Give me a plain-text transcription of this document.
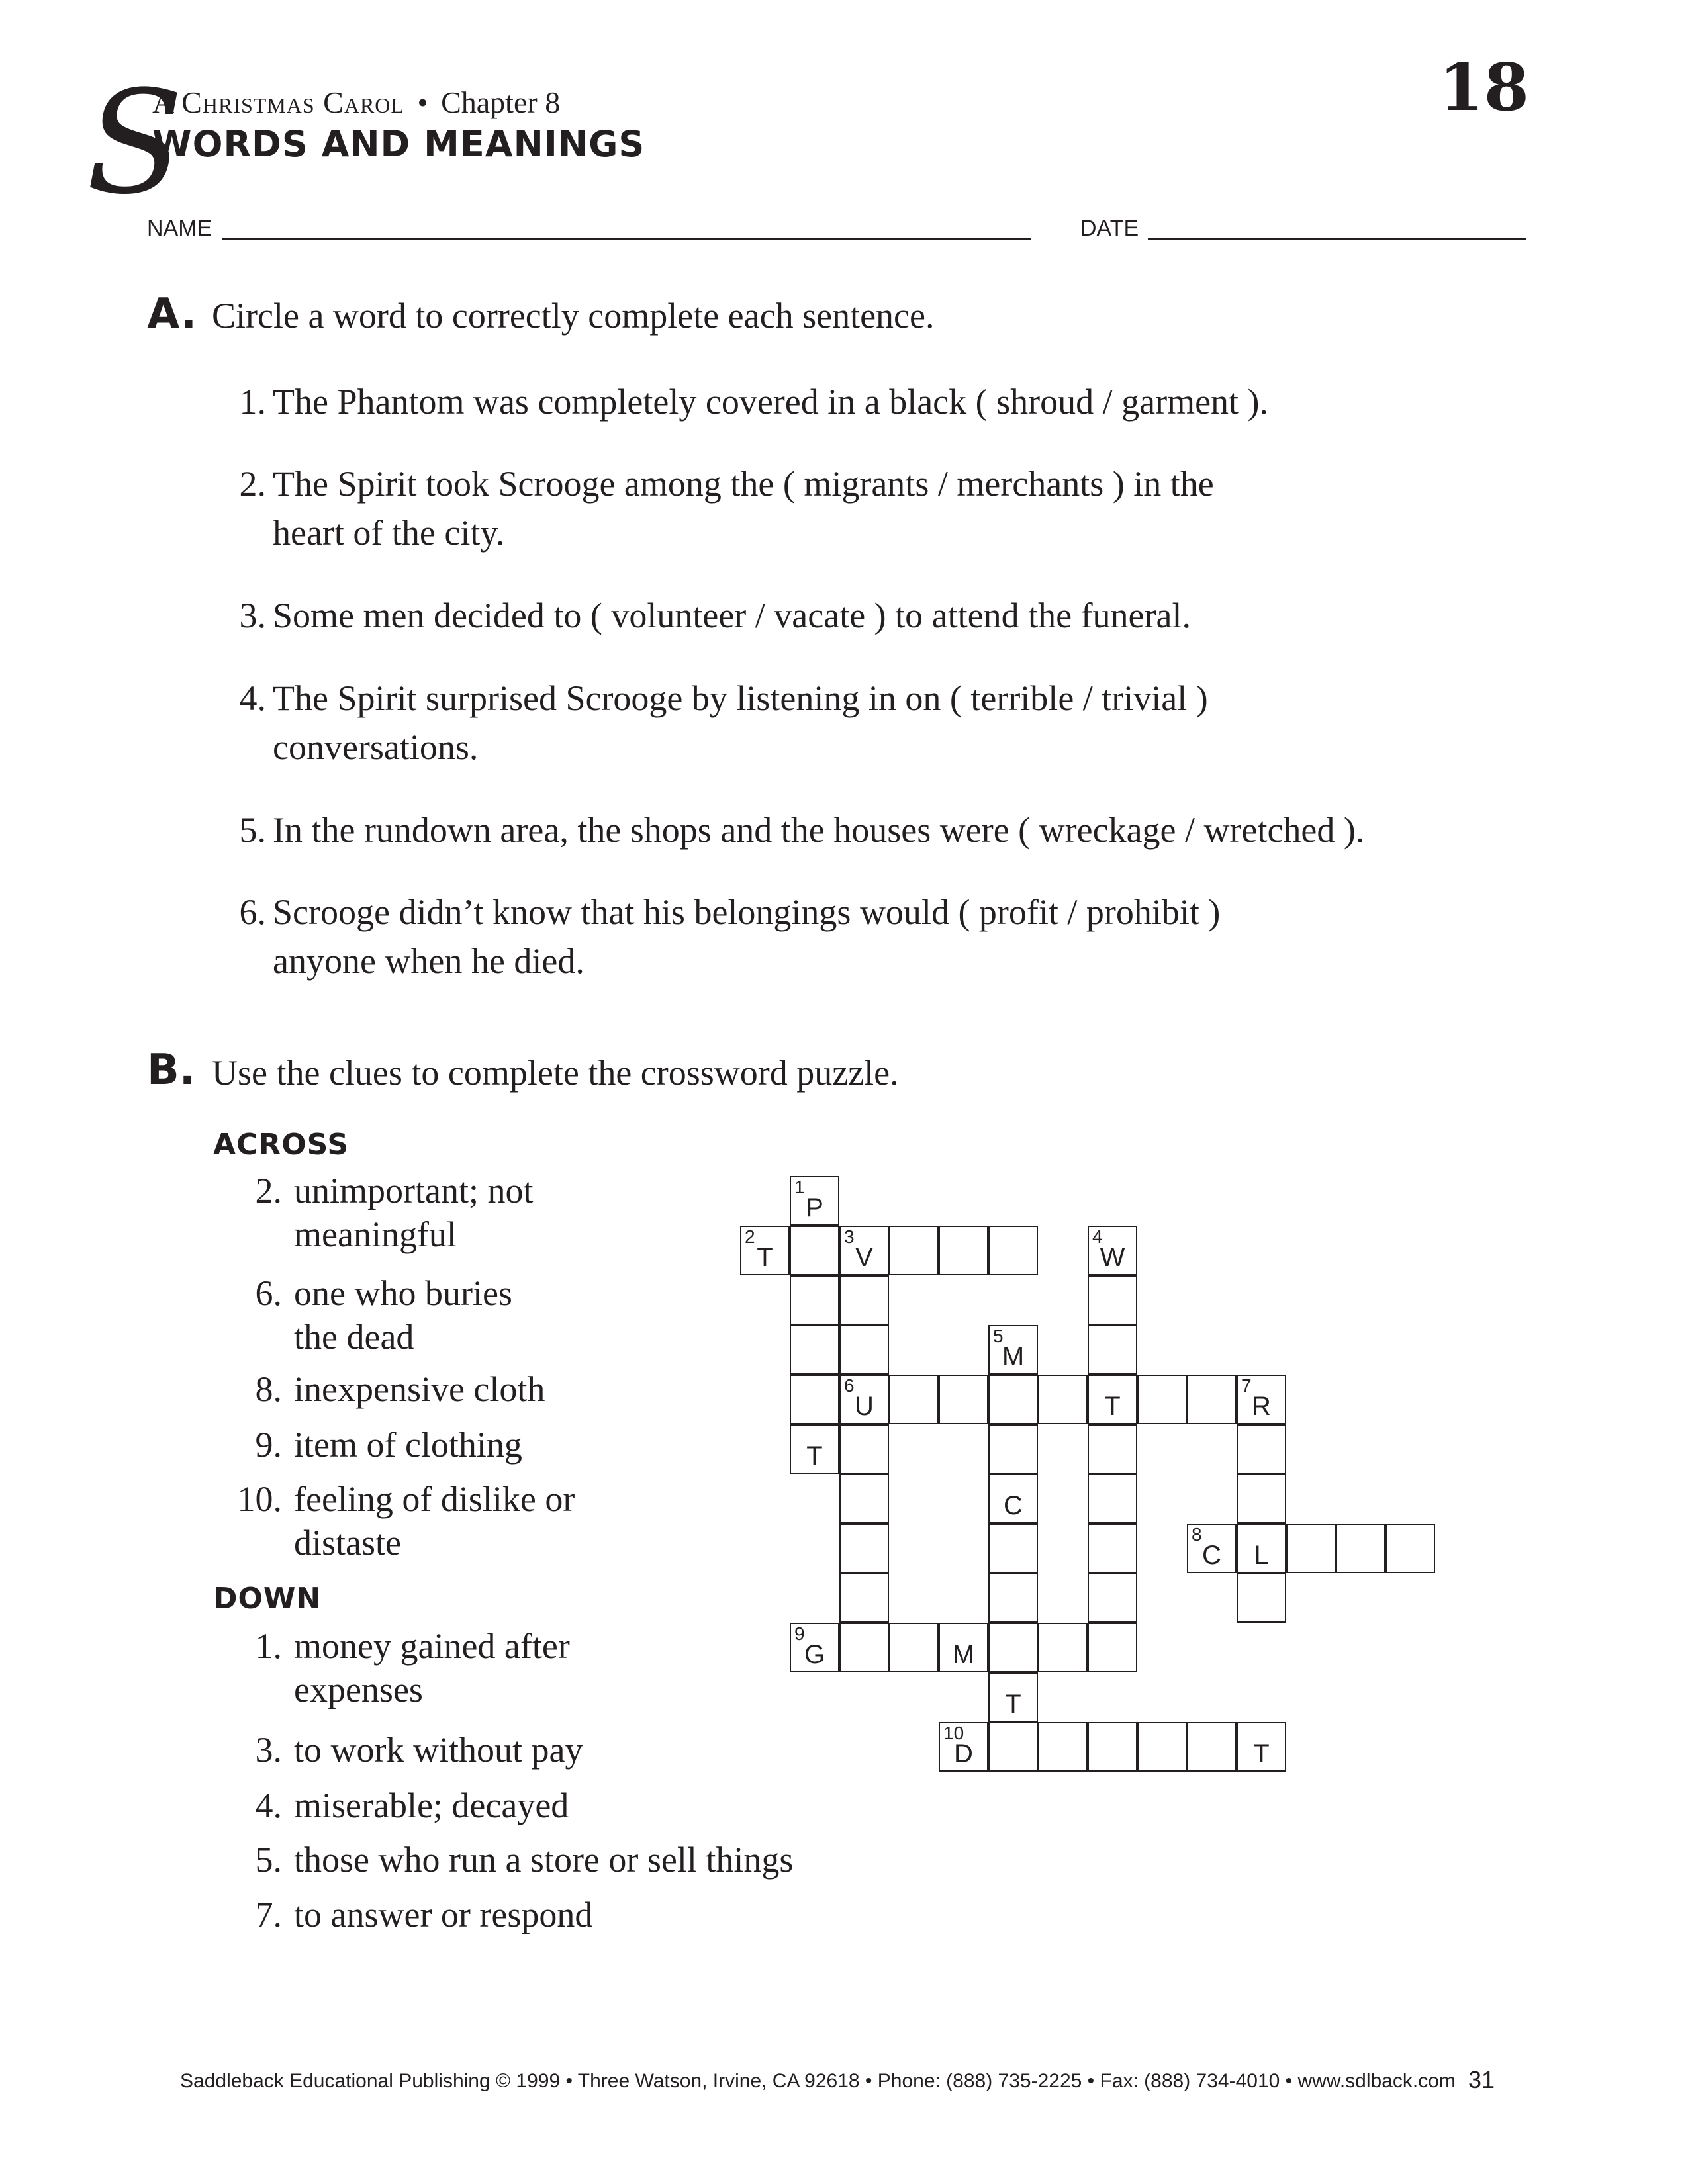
S
A Christmas Carol • Chapter 8
WORDS AND MEANINGS
18
NAME	DATE
A. Circle a word to correctly complete each sentence.
1. The Phantom was completely covered in a black ( shroud / garment ).
2. The Spirit took Scrooge among the ( migrants / merchants ) in the
heart of the city.
3. Some men decided to ( volunteer / vacate ) to attend the funeral.
4. The Spirit surprised Scrooge by listening in on ( terrible / trivial )
conversations.
5. In the rundown area, the shops and the houses were ( wreckage / wretched ).
6. Scrooge didn’t know that his belongings would ( profit / prohibit )
anyone when he died.
B. Use the clues to complete the crossword puzzle.
ACROSS
2. unimportant; not
meaningful
6. one who buries
the dead
8. inexpensive cloth
9. item of clothing
10. feeling of dislike or
distaste
DOWN
1. money gained after
expenses
3. to work without pay
4. miserable; decayed
5. those who run a store or sell things
7. to answer or respond
1
P
2
T
3
V
4
W
5
M
6
U	T
7
R
T
C
8
C	L
9
G	M
T
10
D	T
Saddleback Educational Publishing © 1999 • Three Watson, Irvine, CA 92618 • Phone: (888) 735-2225 • Fax: (888) 734-4010 • www.sdlback.com 31
